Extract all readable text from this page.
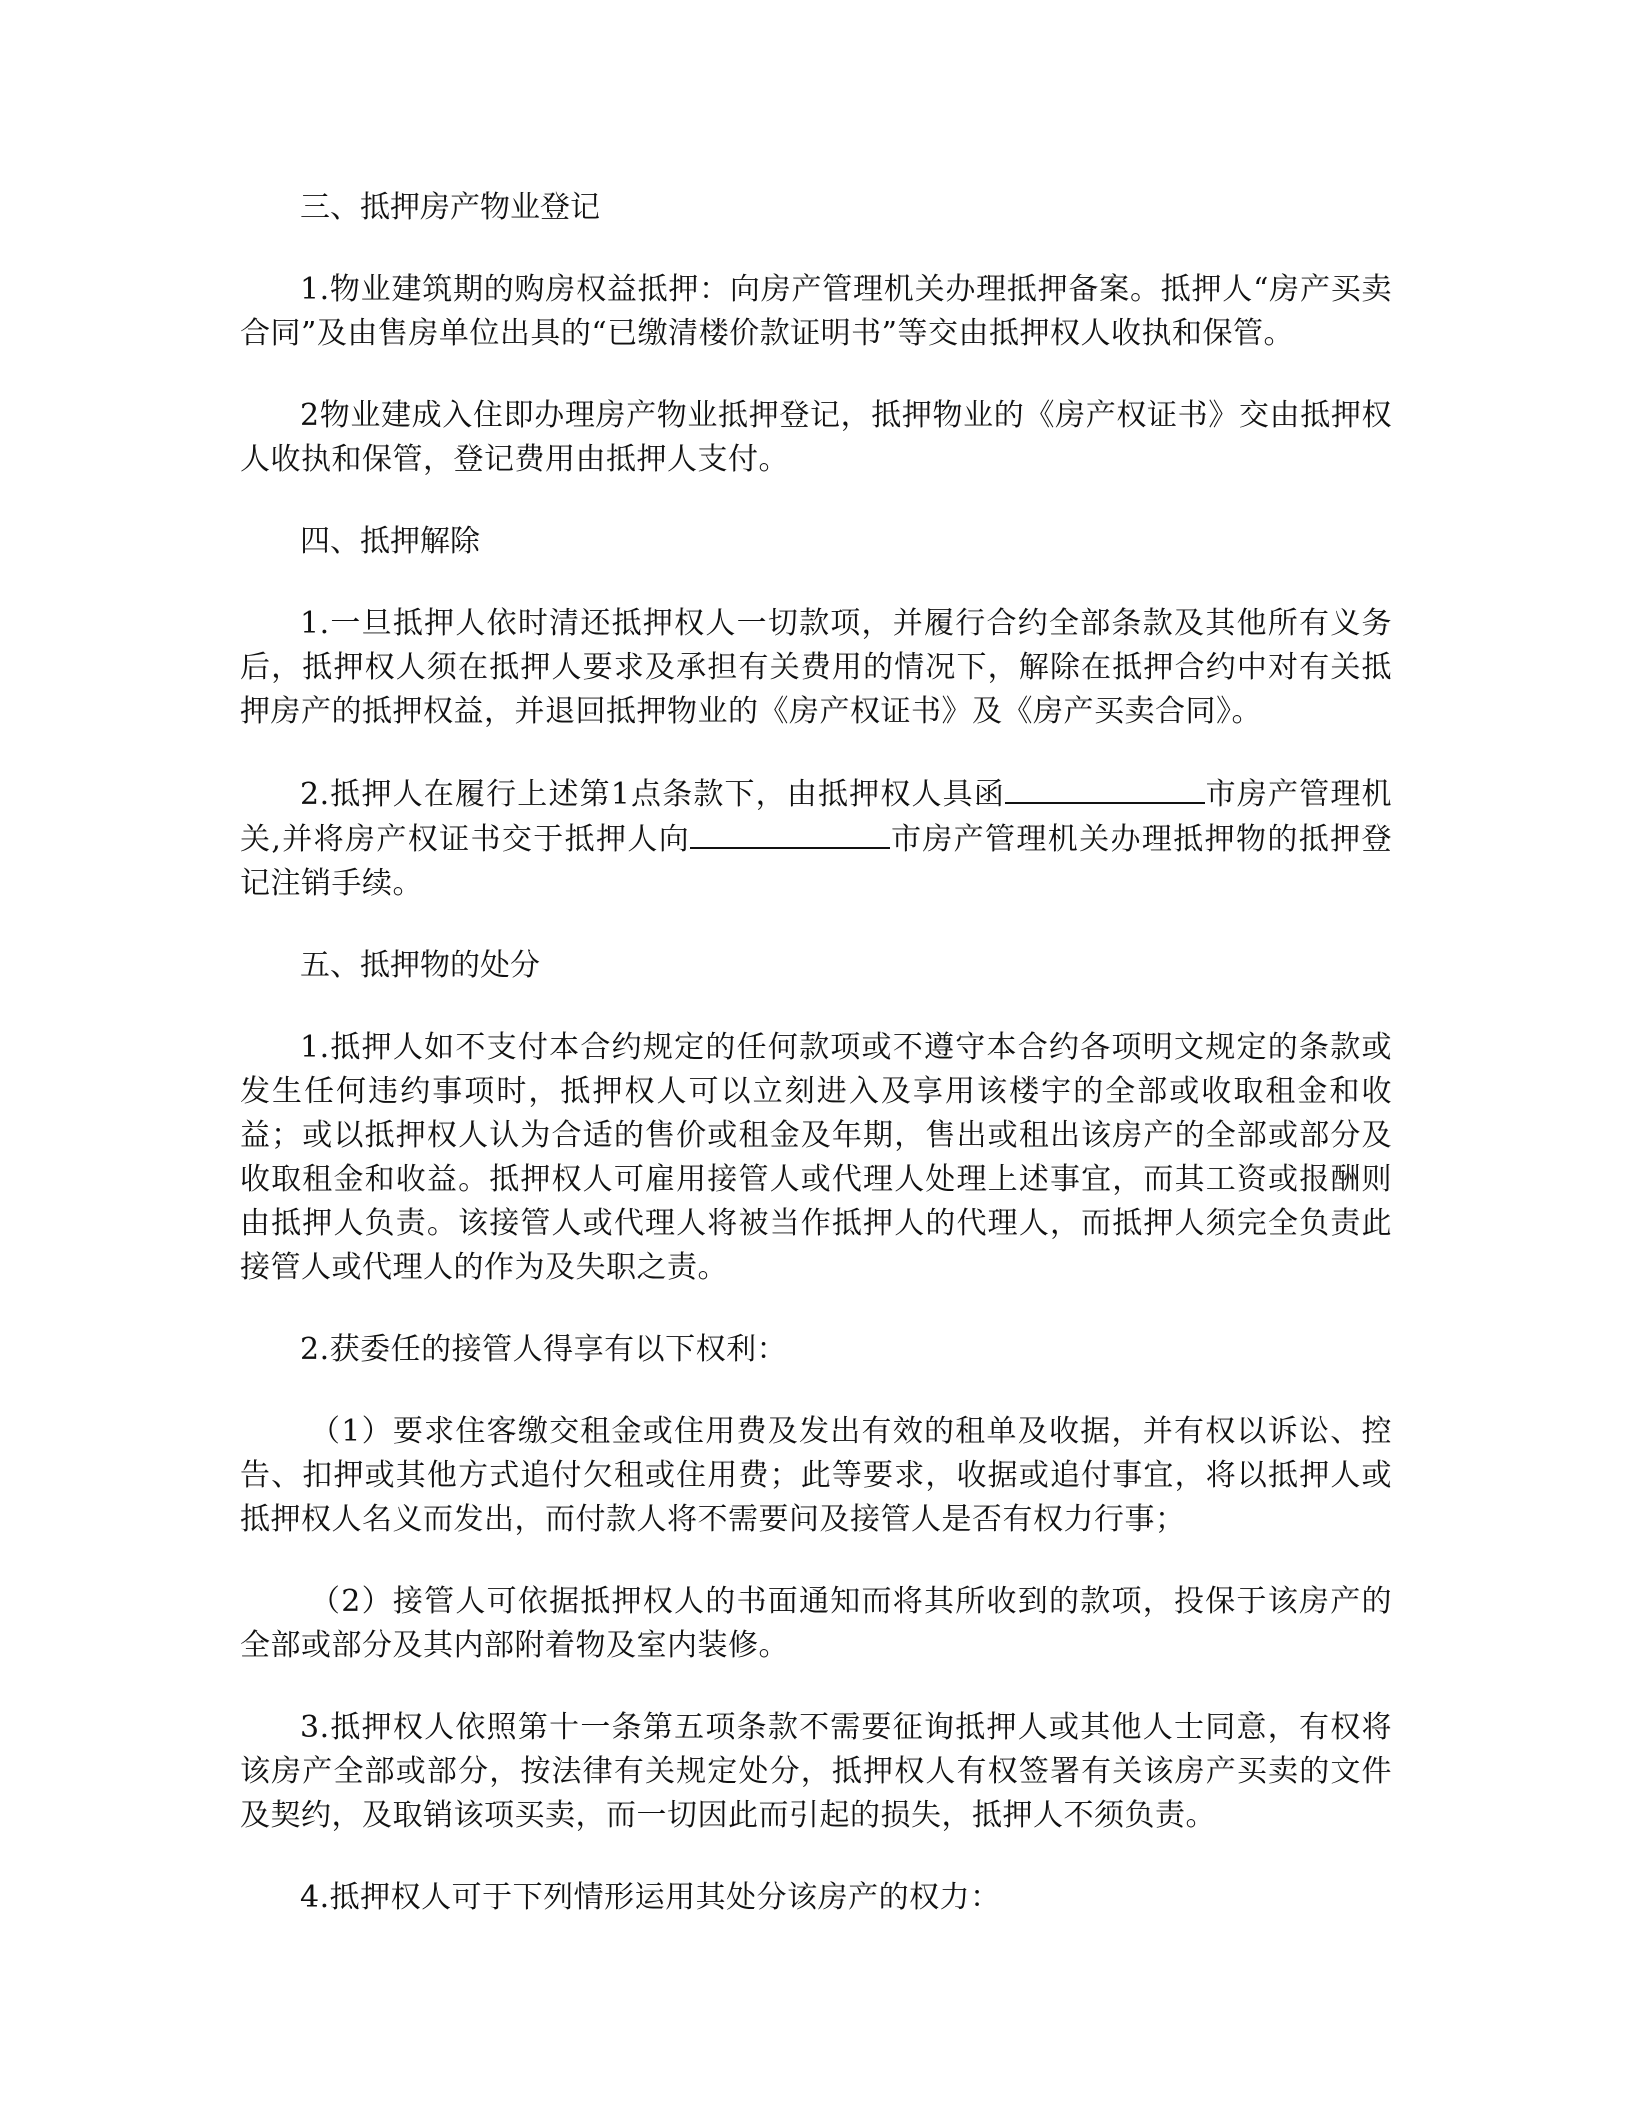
三、抵押房产物业登记

1.物业建筑期的购房权益抵押：向房产管理机关办理抵押备案。抵押人“房产买卖合同”及由售房单位出具的“已缴清楼价款证明书”等交由抵押权人收执和保管。

2物业建成入住即办理房产物业抵押登记，抵押物业的《房产权证书》交由抵押权人收执和保管，登记费用由抵押人支付。

四、抵押解除

1.一旦抵押人依时清还抵押权人一切款项，并履行合约全部条款及其他所有义务后，抵押权人须在抵押人要求及承担有关费用的情况下，解除在抵押合约中对有关抵押房产的抵押权益，并退回抵押物业的《房产权证书》及《房产买卖合同》。

2.抵押人在履行上述第1点条款下，由抵押权人具函	市房产管理机关,并将房产权证书交于抵押人向	市房产管理机关办理抵押物的抵押登记注销手续。

五、抵押物的处分

1.抵押人如不支付本合约规定的任何款项或不遵守本合约各项明文规定的条款或发生任何违约事项时，抵押权人可以立刻进入及享用该楼宇的全部或收取租金和收益；或以抵押权人认为合适的售价或租金及年期，售出或租出该房产的全部或部分及收取租金和收益。抵押权人可雇用接管人或代理人处理上述事宜，而其工资或报酬则由抵押人负责。该接管人或代理人将被当作抵押人的代理人，而抵押人须完全负责此接管人或代理人的作为及失职之责。

2.获委任的接管人得享有以下权利：

（1）要求住客缴交租金或住用费及发出有效的租单及收据，并有权以诉讼、控告、扣押或其他方式追付欠租或住用费；此等要求，收据或追付事宜，将以抵押人或抵押权人名义而发出，而付款人将不需要问及接管人是否有权力行事；

（2）接管人可依据抵押权人的书面通知而将其所收到的款项，投保于该房产的全部或部分及其内部附着物及室内装修。

3.抵押权人依照第十一条第五项条款不需要征询抵押人或其他人士同意，有权将该房产全部或部分，按法律有关规定处分，抵押权人有权签署有关该房产买卖的文件及契约，及取销该项买卖，而一切因此而引起的损失，抵押人不须负责。

4.抵押权人可于下列情形运用其处分该房产的权力：
